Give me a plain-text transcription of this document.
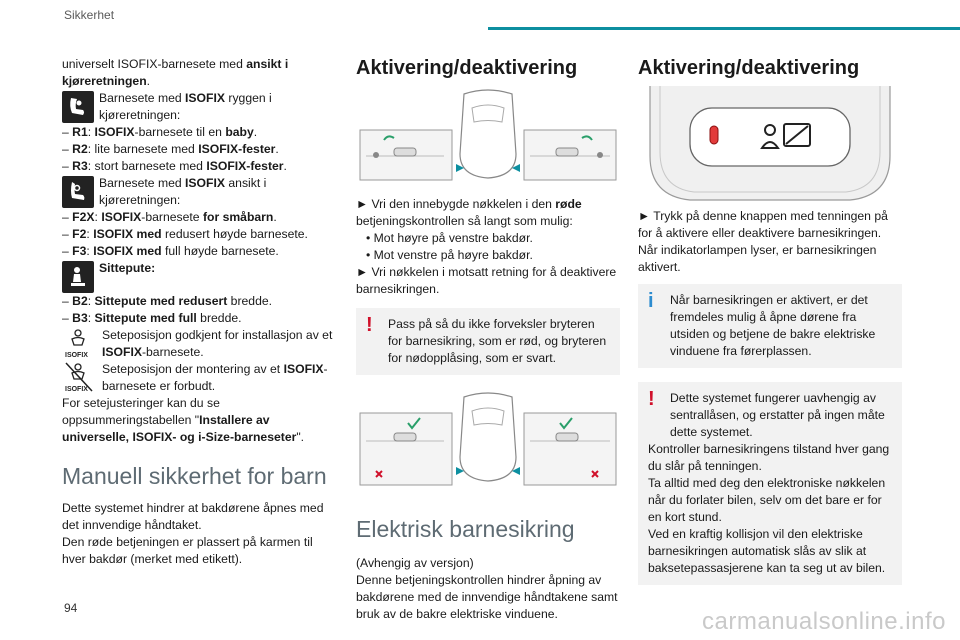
Sikkerhet

universelt ISOFIX-barnesete med ansikt i kjøreretningen.

Barnesete med ISOFIX ryggen i kjøreretningen:
– R1: ISOFIX-barnesete til en baby.
– R2: lite barnesete med ISOFIX-fester.
– R3: stort barnesete med ISOFIX-fester.
Barnesete med ISOFIX ansikt i kjøreretningen:
– F2X: ISOFIX-barnesete for småbarn.
– F2: ISOFIX med redusert høyde barnesete.
– F3: ISOFIX med full høyde barnesete.
Sittepute:
– B2: Sittepute med redusert bredde.
– B3: Sittepute med full bredde.
ISOFIX
Seteposisjon godkjent for installasjon av et ISOFIX-barnesete.
ISOFIX
Seteposisjon der montering av et ISOFIX-barnesete er forbudt.

For setejusteringer kan du se oppsummeringstabellen "Installere av universelle, ISOFIX- og i-Size-barneseter".

Manuell sikkerhet for barn

Dette systemet hindrer at bakdørene åpnes med det innvendige håndtaket.

Den røde betjeningen er plassert på karmen til hver bakdør (merket med etikett).

Aktivering/deaktivering

► Vri den innebygde nøkkelen i den røde betjeningskontrollen så langt som mulig:

• Mot høyre på venstre bakdør.
• Mot venstre på høyre bakdør.

► Vri nøkkelen i motsatt retning for å deaktivere barnesikringen.

!	Pass på så du ikke forveksler bryteren for barnesikring, som er rød, og bryteren for nødopplåsing, som er svart.

Elektrisk barnesikring

(Avhengig av versjon)

Denne betjeningskontrollen hindrer åpning av bakdørene med de innvendige håndtakene samt bruk av de bakre elektriske vinduene.

Aktivering/deaktivering

► Trykk på denne knappen med tenningen på for å aktivere eller deaktivere barnesikringen.

Når indikatorlampen lyser, er barnesikringen aktivert.

i	Når barnesikringen er aktivert, er det fremdeles mulig å åpne dørene fra utsiden og betjene de bakre elektriske vinduene fra førerplassen.

!	Dette systemet fungerer uavhengig av sentrallåsen, og erstatter på ingen måte dette systemet.

Kontroller barnesikringens tilstand hver gang du slår på tenningen.

Ta alltid med deg den elektroniske nøkkelen når du forlater bilen, selv om det bare er for en kort stund.

Ved en kraftig kollisjon vil den elektriske barnesikringen automatisk slås av slik at baksetepassasjerene kan ta seg ut av bilen.

94	carmanualsonline.info
